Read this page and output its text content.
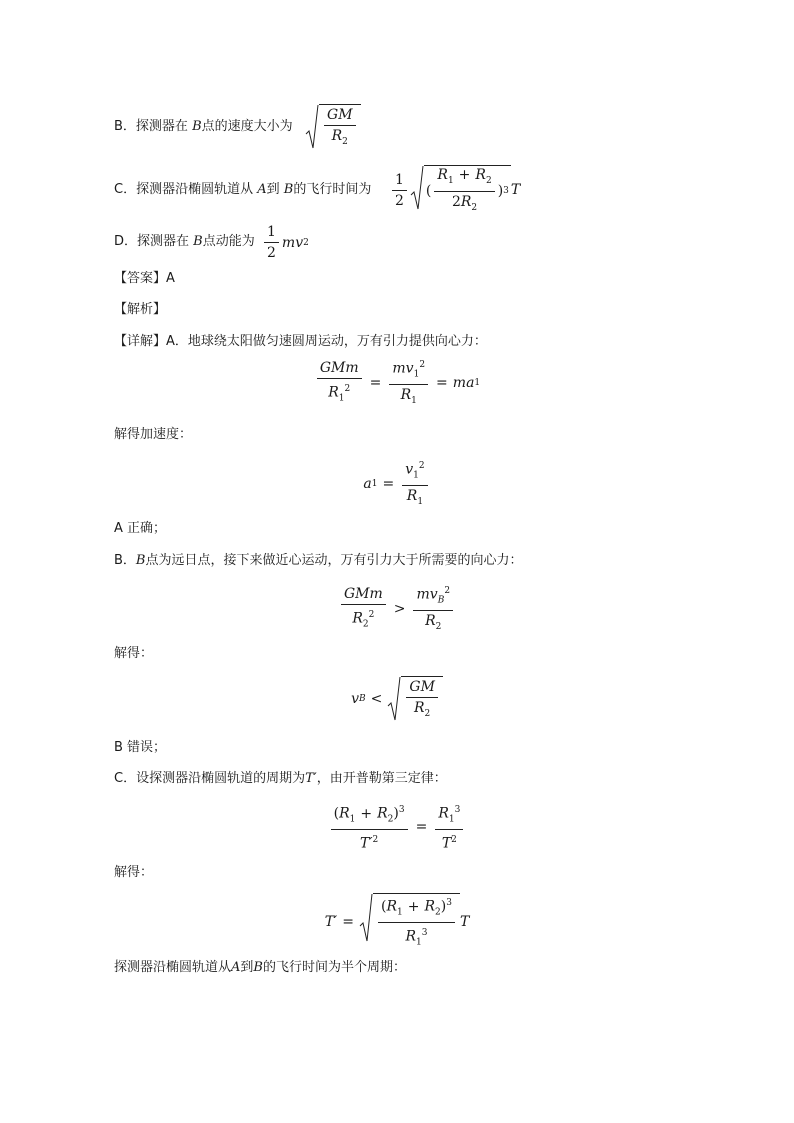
B．探测器在 B点的速度大小为 $\frac{GM}{R_2}$
C．探测器沿椭圆轨道从 A到 B的飞行时间为 $\frac{1}{2}$ ( $\frac{R_1 + R_2}{2R_2}$ ) 3 T
D．探测器在 B点动能为 $\frac{1}{2}$ m v 2
【答案】A
【解析】
【详解】A．地球绕太阳做匀速圆周运动，万有引力提供向心力：
$\frac{\text{GMm}}{R_1^2} = \frac{mv_1^2}{R_1} = m$ a 1
解得加速度：
a $1 = \frac{v_1^2}{R_1}$
A 正确；
B．B点为远日点，接下来做近心运动，万有引力大于所需要的向心力：
$\frac{\text{GMm}}{R_2^2} > \frac{mv_B^2}{R_2}$
解得：
v $B < \frac{GM}{R_2}$
B 错误；
C．设探测器沿椭圆轨道的周期为T′，由开普勒第三定律：
$\frac{(R_1 + R_2)^3}{T'^2} = \frac{R_1^3}{T^2}$
解得：
$T' = \frac{(R_1 + R_2)^3}{R_1^3}$ T
探测器沿椭圆轨道从A到B的飞行时间为半个周期：
